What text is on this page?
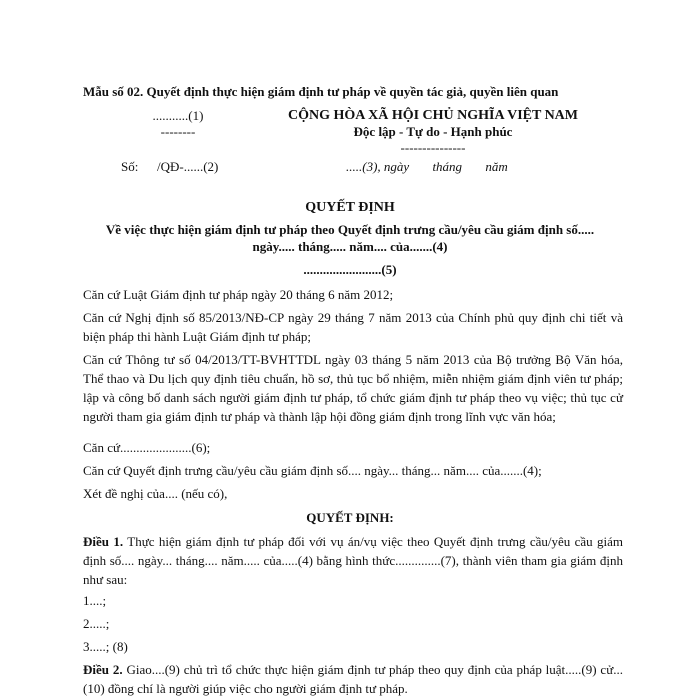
Mẫu số 02. Quyết định thực hiện giám định tư pháp về quyền tác giả, quyền liên quan
...........(1)
--------
CỘNG HÒA XÃ HỘI CHỦ NGHĨA VIỆT NAM
Độc lập - Tự do - Hạnh phúc
---------------
Số: /QĐ-......(2)	.....(3), ngày tháng năm
QUYẾT ĐỊNH
Về việc thực hiện giám định tư pháp theo Quyết định trưng cầu/yêu cầu giám định số.....
ngày..... tháng..... năm.... của.......(4)
........................(5)
Căn cứ Luật Giám định tư pháp ngày 20 tháng 6 năm 2012;
Căn cứ Nghị định số 85/2013/NĐ-CP ngày 29 tháng 7 năm 2013 của Chính phủ quy định chi tiết và biện pháp thi hành Luật Giám định tư pháp;
Căn cứ Thông tư số 04/2013/TT-BVHTTDL ngày 03 tháng 5 năm 2013 của Bộ trưởng Bộ Văn hóa, Thể thao và Du lịch quy định tiêu chuẩn, hồ sơ, thủ tục bổ nhiệm, miễn nhiệm giám định viên tư pháp; lập và công bố danh sách người giám định tư pháp, tổ chức giám định tư pháp theo vụ việc; thủ tục cử người tham gia giám định tư pháp và thành lập hội đồng giám định trong lĩnh vực văn hóa;
Căn cứ......................(6);
Căn cứ Quyết định trưng cầu/yêu cầu giám định số.... ngày... tháng... năm.... của.......(4);
Xét đề nghị của.... (nếu có),
QUYẾT ĐỊNH:
Điều 1. Thực hiện giám định tư pháp đối với vụ án/vụ việc theo Quyết định trưng cầu/yêu cầu giám định số.... ngày... tháng.... năm..... của.....(4) bằng hình thức..............(7), thành viên tham gia giám định như sau:
1....;
2.....;
3.....; (8)
Điều 2. Giao....(9) chủ trì tổ chức thực hiện giám định tư pháp theo quy định của pháp luật.....(9) cử...(10) đồng chí là người giúp việc cho người giám định tư pháp.
